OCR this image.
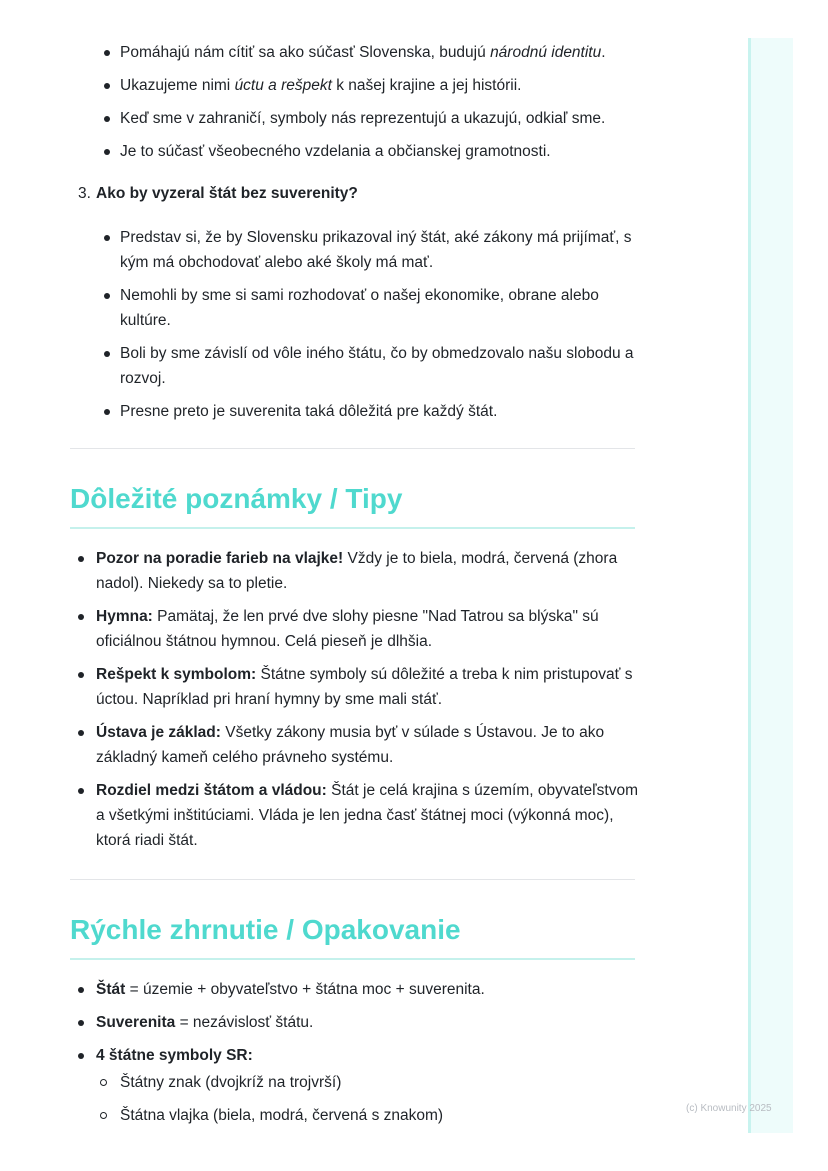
Pomáhajú nám cítiť sa ako súčasť Slovenska, budujú národnú identitu.
Ukazujeme nimi úctu a rešpekt k našej krajine a jej histórii.
Keď sme v zahraničí, symboly nás reprezentujú a ukazujú, odkiaľ sme.
Je to súčasť všeobecného vzdelania a občianskej gramotnosti.
3. Ako by vyzeral štát bez suverenity?
Predstav si, že by Slovensku prikazoval iný štát, aké zákony má prijímať, s kým má obchodovať alebo aké školy má mať.
Nemohli by sme si sami rozhodovať o našej ekonomike, obrane alebo kultúre.
Boli by sme závislí od vôle iného štátu, čo by obmedzovalo našu slobodu a rozvoj.
Presne preto je suverenita taká dôležitá pre každý štát.
Dôležité poznámky / Tipy
Pozor na poradie farieb na vlajke! Vždy je to biela, modrá, červená (zhora nadol). Niekedy sa to pletie.
Hymna: Pamätaj, že len prvé dve slohy piesne "Nad Tatrou sa blýska" sú oficiálnou štátnou hymnou. Celá pieseň je dlhšia.
Rešpekt k symbolom: Štátne symboly sú dôležité a treba k nim pristupovať s úctou. Napríklad pri hraní hymny by sme mali stáť.
Ústava je základ: Všetky zákony musia byť v súlade s Ústavou. Je to ako základný kameň celého právneho systému.
Rozdiel medzi štátom a vládou: Štát je celá krajina s územím, obyvateľstvom a všetkými inštitúciami. Vláda je len jedna časť štátnej moci (výkonná moc), ktorá riadi štát.
Rýchle zhrnutie / Opakovanie
Štát = územie + obyvateľstvo + štátna moc + suverenita.
Suverenita = nezávislosť štátu.
4 štátne symboly SR:
Štátny znak (dvojkríž na trojvrší)
Štátna vlajka (biela, modrá, červená s znakom)	(c) Knowunity 2025
